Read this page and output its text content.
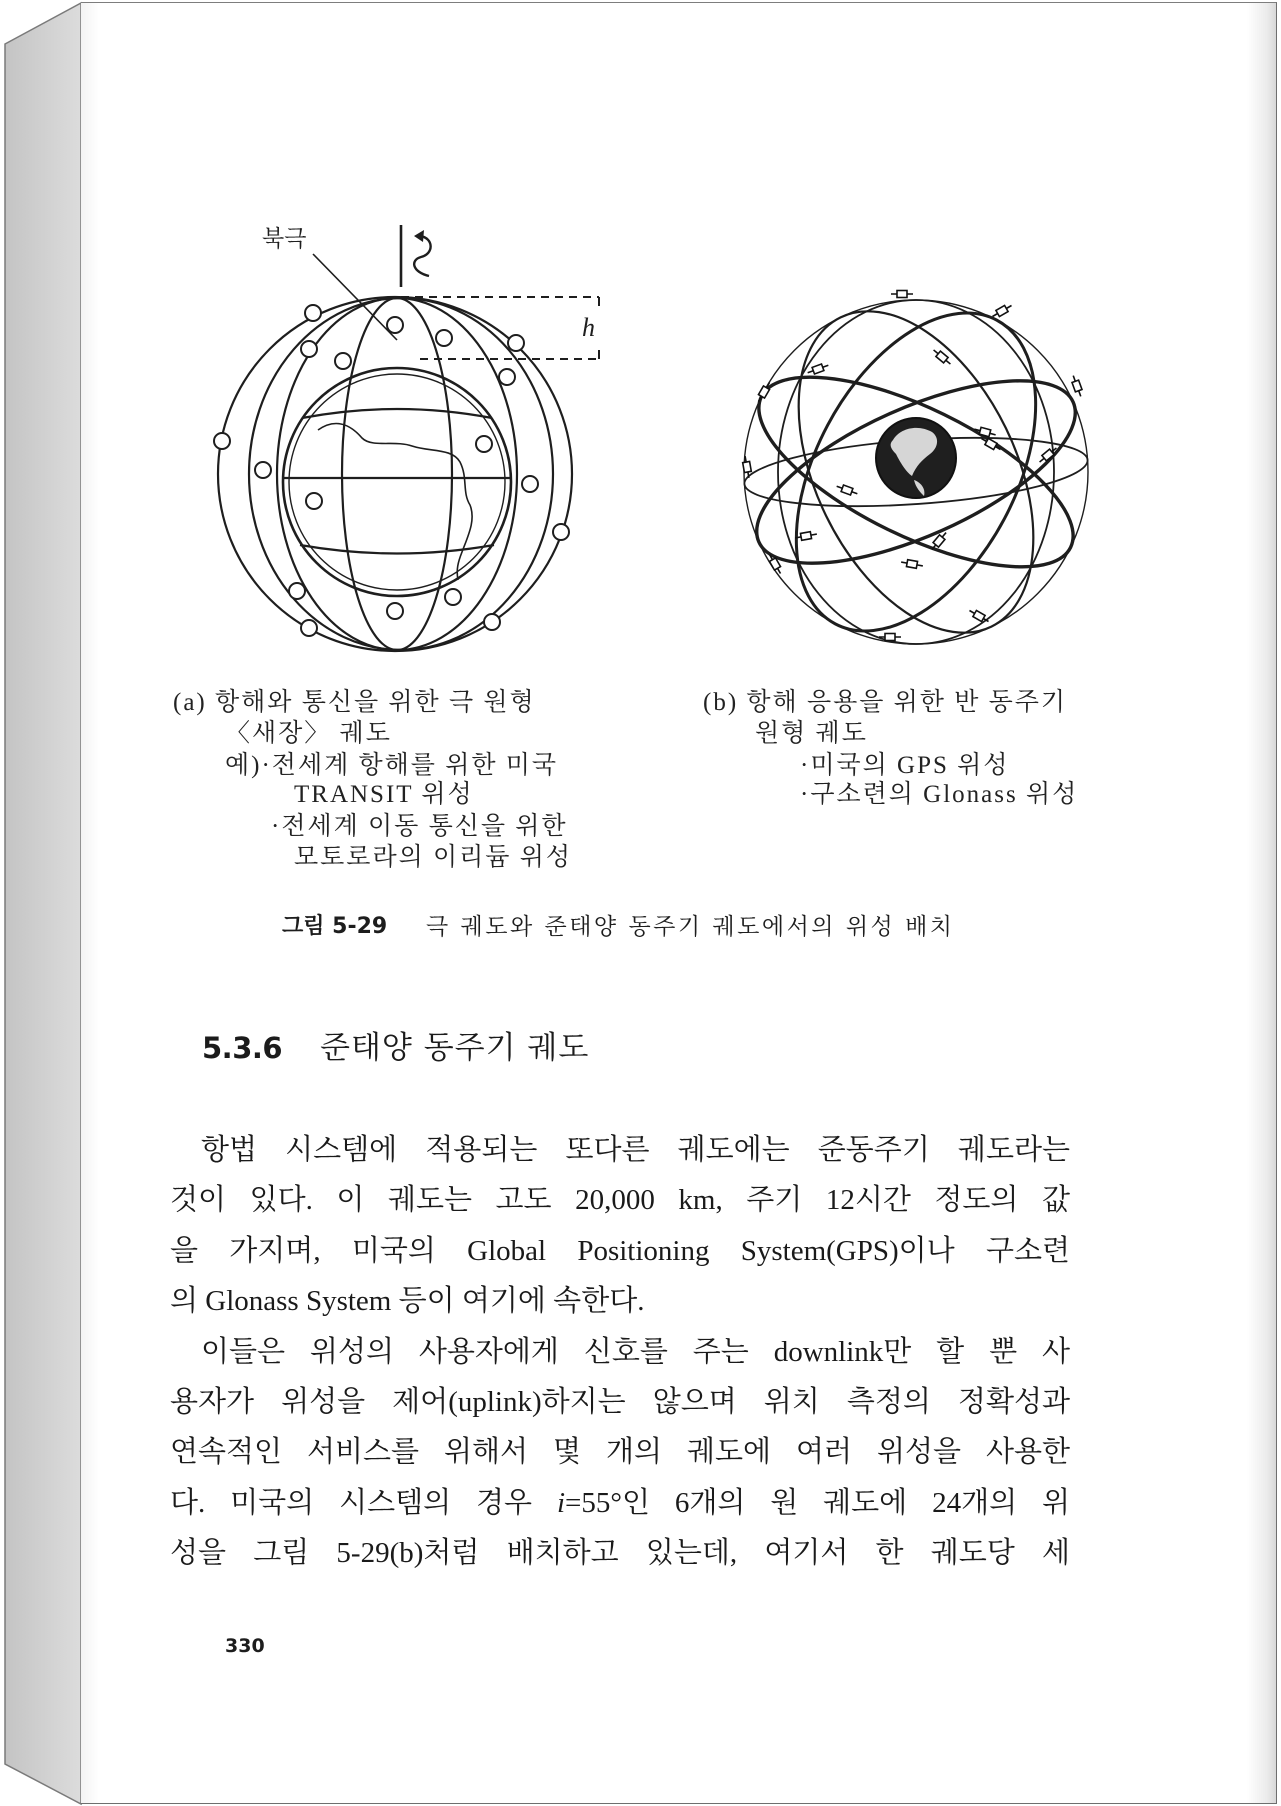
북극
h
(a) 항해와 통신을 위한 극 원형
〈새장〉 궤도
예)·전세계 항해를 위한 미국
TRANSIT 위성
·전세계 이동 통신을 위한
모토로라의 이리듐 위성
(b) 항해 응용을 위한 반 동주기
원형 궤도
·미국의 GPS 위성
·구소련의 Glonass 위성
그림 5-29 극 궤도와 준태양 동주기 궤도에서의 위성 배치
5.3.6 준태양 동주기 궤도
항법 시스템에 적용되는 또다른 궤도에는 준동주기 궤도라는
것이 있다. 이 궤도는 고도 20,000 km, 주기 12시간 정도의 값
을 가지며, 미국의 Global Positioning System(GPS)이나 구소련
의 Glonass System 등이 여기에 속한다.
이들은 위성의 사용자에게 신호를 주는 downlink만 할 뿐 사
용자가 위성을 제어(uplink)하지는 않으며 위치 측정의 정확성과
연속적인 서비스를 위해서 몇 개의 궤도에 여러 위성을 사용한
다. 미국의 시스템의 경우 i=55°인 6개의 원 궤도에 24개의 위
성을 그림 5-29(b)처럼 배치하고 있는데, 여기서 한 궤도당 세
330
